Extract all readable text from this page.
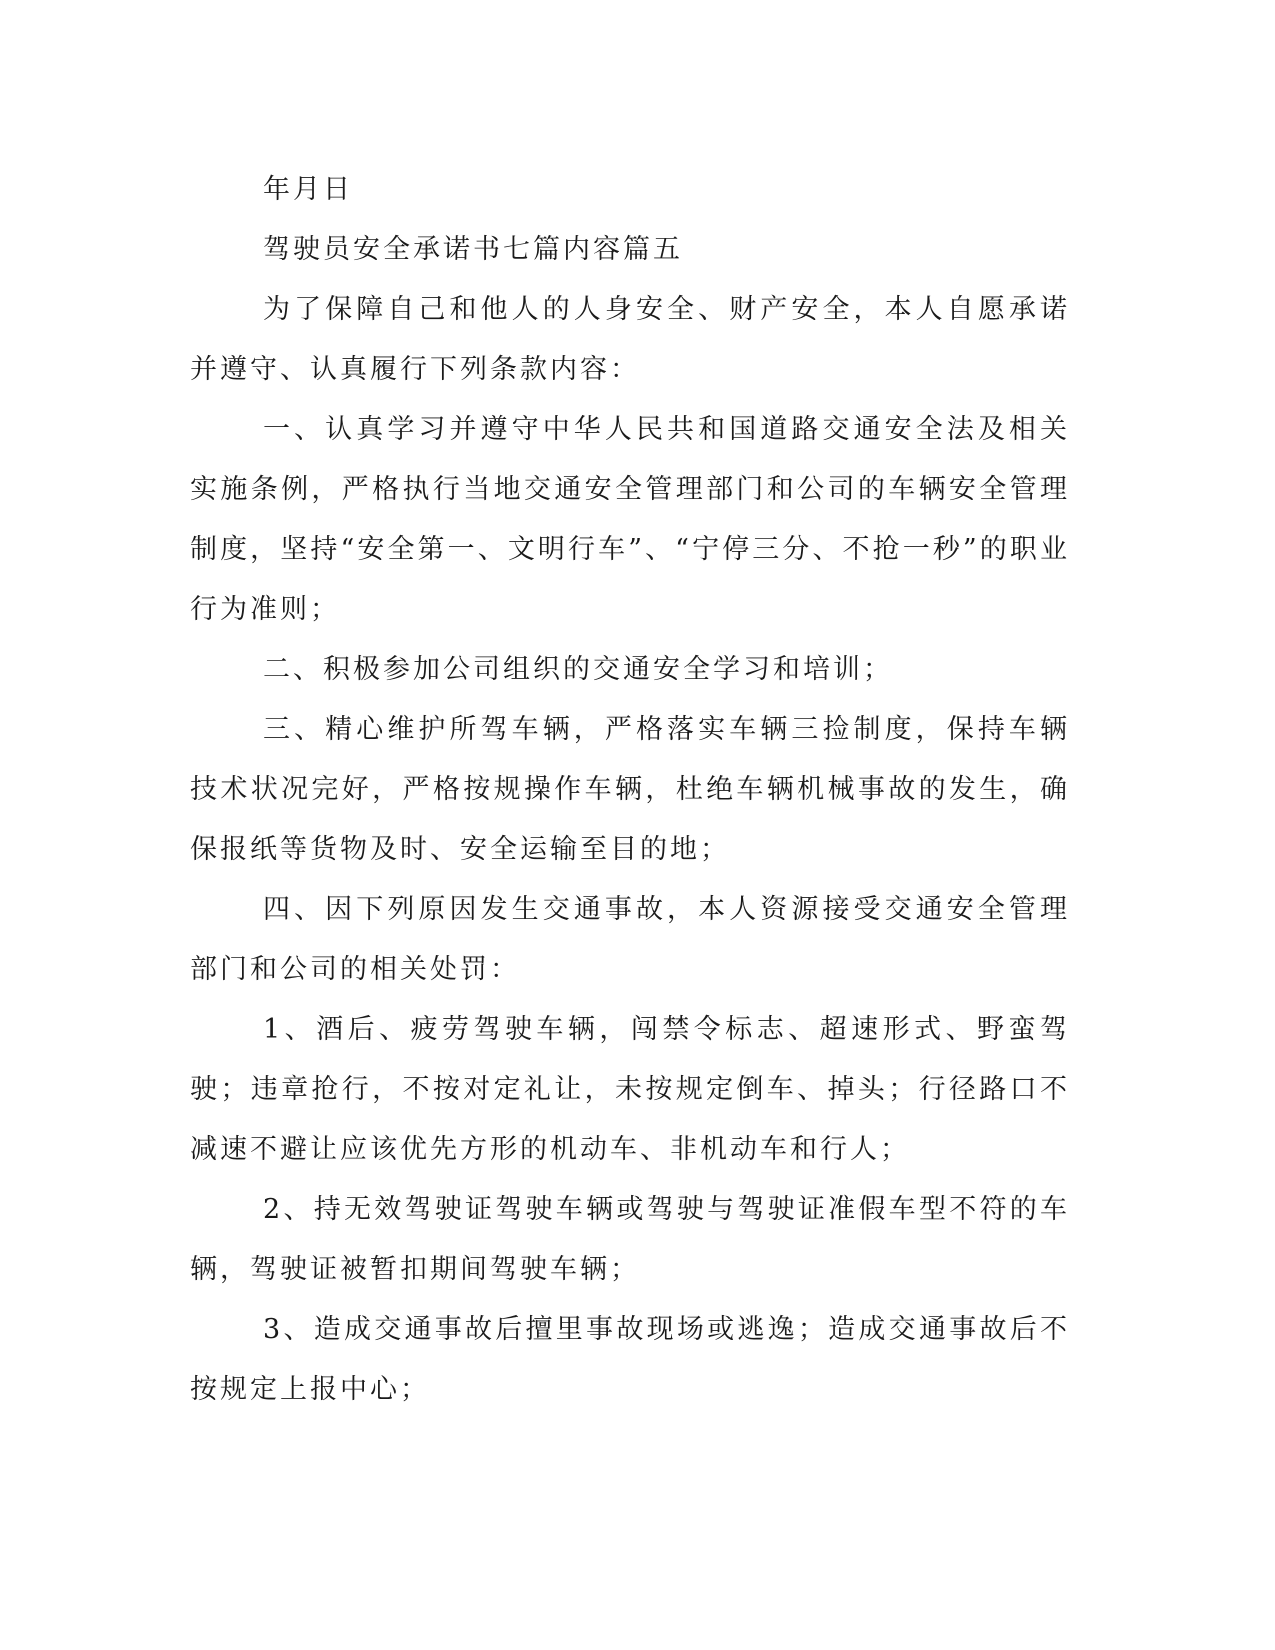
年月日

驾驶员安全承诺书七篇内容篇五

为了保障自己和他人的人身安全、财产安全，本人自愿承诺并遵守、认真履行下列条款内容：

一、认真学习并遵守中华人民共和国道路交通安全法及相关实施条例，严格执行当地交通安全管理部门和公司的车辆安全管理制度，坚持“安全第一、文明行车”、“宁停三分、不抢一秒”的职业行为准则；

二、积极参加公司组织的交通安全学习和培训；

三、精心维护所驾车辆，严格落实车辆三捡制度，保持车辆技术状况完好，严格按规操作车辆，杜绝车辆机械事故的发生，确保报纸等货物及时、安全运输至目的地；

四、因下列原因发生交通事故，本人资源接受交通安全管理部门和公司的相关处罚：

1、酒后、疲劳驾驶车辆，闯禁令标志、超速形式、野蛮驾驶；违章抢行，不按对定礼让，未按规定倒车、掉头；行径路口不减速不避让应该优先方形的机动车、非机动车和行人；

2、持无效驾驶证驾驶车辆或驾驶与驾驶证准假车型不符的车辆，驾驶证被暂扣期间驾驶车辆；

3、造成交通事故后擅里事故现场或逃逸；造成交通事故后不按规定上报中心；
